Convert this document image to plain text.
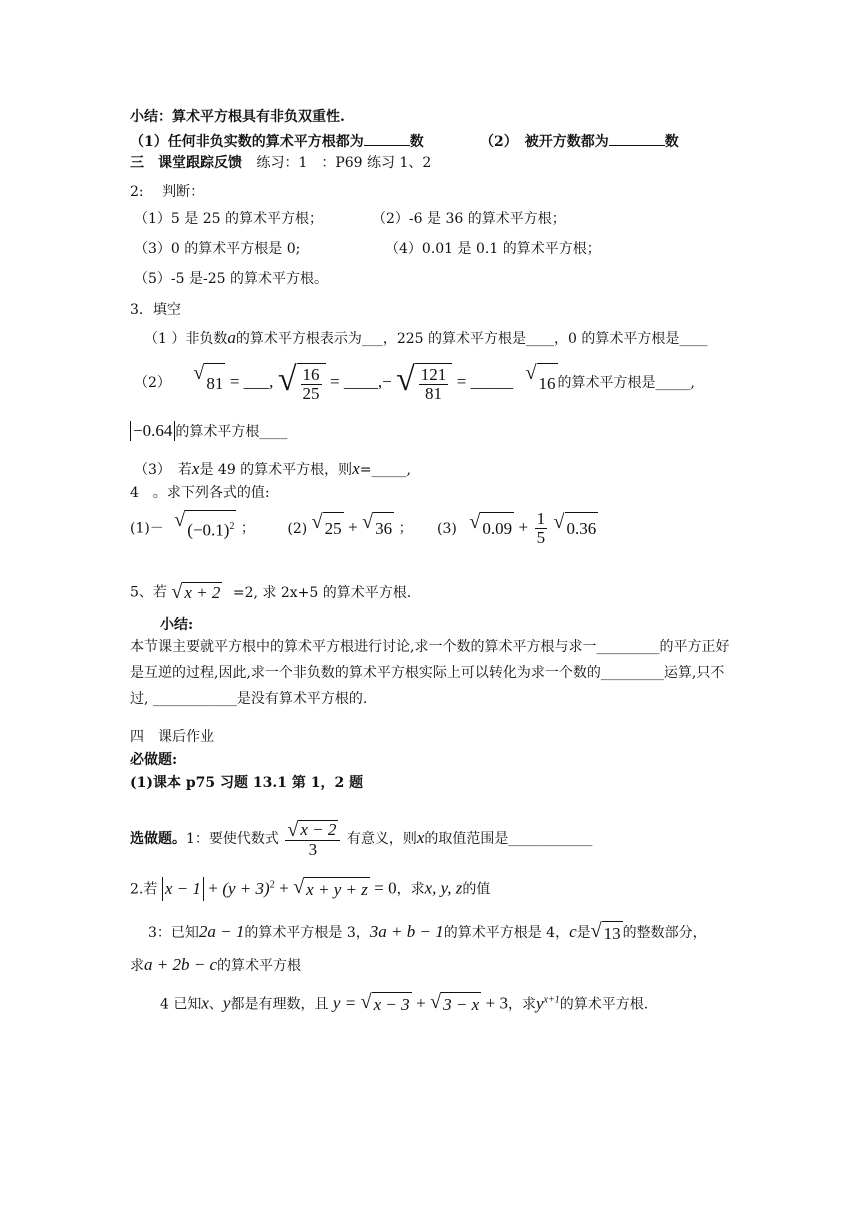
小结：算术平方根具有非负双重性.
（1）任何非负实数的算术平方根都为	数	（2）　被开方数都为	数
三　课堂跟踪反馈 练习：1　：P69 练习 1、2
2:　 判断：
（1）5 是 25 的算术平方根；	（2）-6 是 36 的算术平方根；
（3）0 的算术平方根是 0;	（4）0.01 是 0.1 的算术平方根；
（5）-5 是-25 的算术平方根。
3．填空
（1 ）非负数a的算术平方根表示为___，225 的算术平方根是____，0 的算术平方根是____
（2） √ 81 = ___, √ $\frac{16}{25}$ = ____,− √ $\frac{121}{81}$ = _____ √ 16 的算术平方根是_____,
−0.64 的算术平方根____
（3）　若x是 49 的算术平方根，则x=_____,
4　。求下列各式的值:
(1)－ √ $(-0.1)^2$ ； (2) √ 25 + √ 36 ； (3) √ $0.09 + \frac{1}{5}$
√ 0.36
5、若 √ x + 2 =2, 求 2x+5 的算术平方根.
小结:
本节课主要就平方根中的算术平方根进行讨论,求一个数的算术平方根与求一_________的平方正好是互逆的过程,因此,求一个非负数的算术平方根实际上可以转化为求一个数的_________运算,只不过, ____________是没有算术平方根的.
四　课后作业
必做题:
(1)课本 p75 习题 13.1 第 1，2 题
选做题。1：要使代数式 $\frac{√ x - 2}{3}$ 有意义，则x的取值范围是____________
2.若 $x - 1 + (y + 3)^2$ + √ x + y + z = 0，求x, y, z的值
3：已知2a − 1的算术平方根是 3，3a + b − 1的算术平方根是 4，c是 √ 13 的整数部分，
求a + 2b − c的算术平方根
4 已知x、y都是有理数，且 y = √ x − 3 + √ 3 − x + 3，求$y^{x+1}$的算术平方根.
